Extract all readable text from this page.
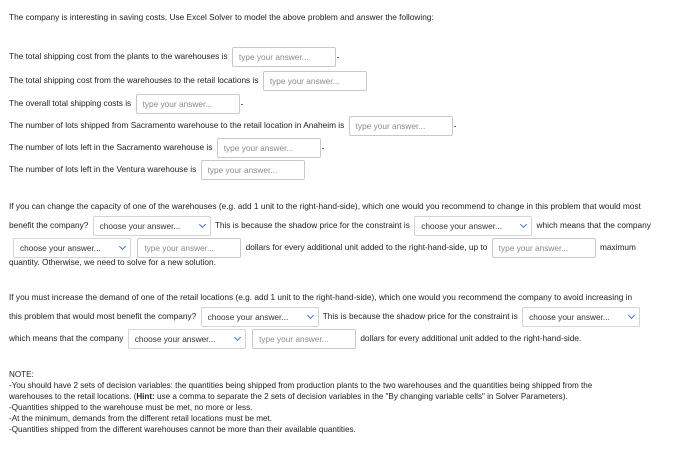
The company is interesting in saving costs. Use Excel Solver to model the above problem and answer the following:
The total shipping cost from the plants to the warehouses is type your answer...
The total shipping cost from the warehouses to the retail locations is type your answer...
The overall total shipping costs is type your answer...
The number of lots shipped from Sacramento warehouse to the retail location in Anaheim is type your answer...
The number of lots left in the Sacramento warehouse is type your answer...
The number of lots left in the Ventura warehouse is type your answer...
If you can change the capacity of one of the warehouses (e.g. add 1 unit to the right-hand-side), which one would you recommend to change in this problem that would most
benefit the company? choose your answer...	This is because the shadow price for the constraint is choose your answer...	which means that the company
choose your answer...	type your answer...	dollars for every additional unit added to the right-hand-side, up to type your answer...	maximum
quantity. Otherwise, we need to solve for a new solution.
If you must increase the demand of one of the retail locations (e.g. add 1 unit to the right-hand-side), which one would you recommend the company to avoid increasing in
this problem that would most benefit the company? choose your answer...	This is because the shadow price for the constraint is choose your answer...
which means that the company choose your answer...	type your answer...	dollars for every additional unit added to the right-hand-side.
NOTE:
-You should have 2 sets of decision variables: the quantities being shipped from production plants to the two warehouses and the quantities being shipped from the
warehouses to the retail locations. (Hint: use a comma to separate the 2 sets of decision variables in the "By changing variable cells" in Solver Parameters).
-Quantities shipped to the warehouse must be met, no more or less.
-At the minimum, demands from the different retail locations must be met.
-Quantities shipped from the different warehouses cannot be more than their available quantities.
